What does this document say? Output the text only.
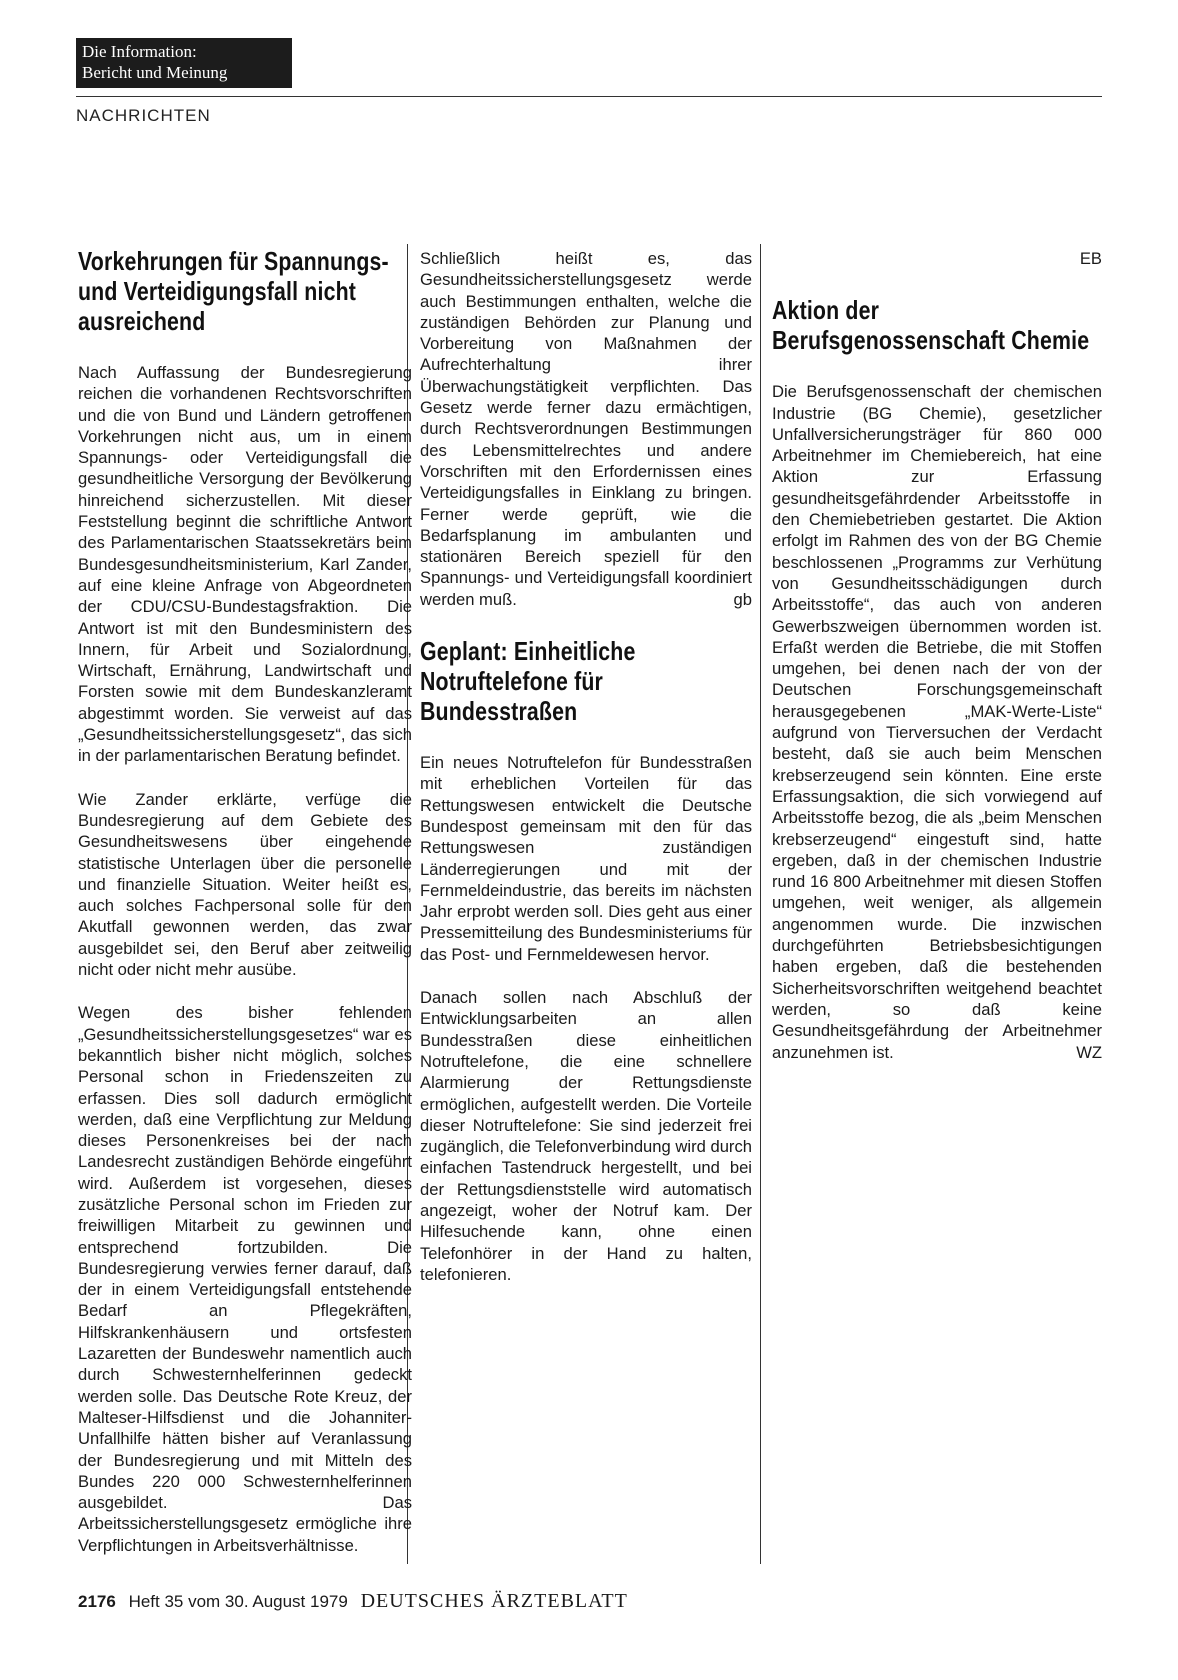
Die Information:
Bericht und Meinung
NACHRICHTEN
Vorkehrungen für Spannungs- und Verteidigungsfall nicht ausreichend

Nach Auffassung der Bundesregierung reichen die vorhandenen Rechtsvorschriften und die von Bund und Ländern getroffenen Vorkehrungen nicht aus, um in einem Spannungs- oder Verteidigungsfall die gesundheitliche Versorgung der Bevölkerung hinreichend sicherzustellen. Mit dieser Feststellung beginnt die schriftliche Antwort des Parlamentarischen Staatssekretärs beim Bundesgesundheitsministerium, Karl Zander, auf eine kleine Anfrage von Abgeordneten der CDU/CSU-Bundestagsfraktion. Die Antwort ist mit den Bundesministern des Innern, für Arbeit und Sozialordnung, Wirtschaft, Ernährung, Landwirtschaft und Forsten sowie mit dem Bundeskanzleramt abgestimmt worden. Sie verweist auf das „Gesundheitssicherstellungsgesetz“, das sich in der parlamentarischen Beratung befindet.

Wie Zander erklärte, verfüge die Bundesregierung auf dem Gebiete des Gesundheitswesens über eingehende statistische Unterlagen über die personelle und finanzielle Situation. Weiter heißt es, auch solches Fachpersonal solle für den Akutfall gewonnen werden, das zwar ausgebildet sei, den Beruf aber zeitweilig nicht oder nicht mehr ausübe.

Wegen des bisher fehlenden „Gesundheitssicherstellungsgesetzes“ war es bekanntlich bisher nicht möglich, solches Personal schon in Friedenszeiten zu erfassen. Dies soll dadurch ermöglicht werden, daß eine Verpflichtung zur Meldung dieses Personenkreises bei der nach Landesrecht zuständigen Behörde eingeführt wird. Außerdem ist vorgesehen, dieses zusätzliche Personal schon im Frieden zur freiwilligen Mitarbeit zu gewinnen und entsprechend fortzubilden. Die Bundesregierung verwies ferner darauf, daß der in einem Verteidigungsfall entstehende Bedarf an Pflegekräften, Hilfskrankenhäusern und ortsfesten Lazaretten der Bundeswehr namentlich auch durch Schwesternhelferinnen gedeckt werden solle. Das Deutsche Rote Kreuz, der Malteser-Hilfsdienst und die Johanniter-Unfallhilfe hätten bisher auf Veranlassung der Bundesregierung und mit Mitteln des Bundes 220 000 Schwesternhelferinnen ausgebildet. Das Arbeitssicherstellungsgesetz ermögliche ihre Verpflichtungen in Arbeitsverhältnisse.

Schließlich heißt es, das Gesundheitssicherstellungsgesetz werde auch Bestimmungen enthalten, welche die zuständigen Behörden zur Planung und Vorbereitung von Maßnahmen der Aufrechterhaltung ihrer Überwachungstätigkeit verpflichten. Das Gesetz werde ferner dazu ermächtigen, durch Rechtsverordnungen Bestimmungen des Lebensmittelrechtes und andere Vorschriften mit den Erfordernissen eines Verteidigungsfalles in Einklang zu bringen. Ferner werde geprüft, wie die Bedarfsplanung im ambulanten und stationären Bereich speziell für den Spannungs- und Verteidigungsfall koordiniert werden muß.	gb

Geplant: Einheitliche Notruftelefone für Bundesstraßen

Ein neues Notruftelefon für Bundesstraßen mit erheblichen Vorteilen für das Rettungswesen entwickelt die Deutsche Bundespost gemeinsam mit den für das Rettungswesen zuständigen Länderregierungen und mit der Fernmeldeindustrie, das bereits im nächsten Jahr erprobt werden soll. Dies geht aus einer Pressemitteilung des Bundesministeriums für das Post- und Fernmeldewesen hervor.

Danach sollen nach Abschluß der Entwicklungsarbeiten an allen Bundesstraßen diese einheitlichen Notruftelefone, die eine schnellere Alarmierung der Rettungsdienste ermöglichen, aufgestellt werden. Die Vorteile dieser Notruftelefone: Sie sind jederzeit frei zugänglich, die Telefonverbindung wird durch einfachen Tastendruck hergestellt, und bei der Rettungsdienststelle wird automatisch angezeigt, woher der Notruf kam. Der Hilfesuchende kann, ohne einen Telefonhörer in der Hand zu halten, telefonieren.

EB

Aktion der Berufsgenossenschaft Chemie

Die Berufsgenossenschaft der chemischen Industrie (BG Chemie), gesetzlicher Unfallversicherungsträger für 860 000 Arbeitnehmer im Chemiebereich, hat eine Aktion zur Erfassung gesundheitsgefährdender Arbeitsstoffe in den Chemiebetrieben gestartet. Die Aktion erfolgt im Rahmen des von der BG Chemie beschlossenen „Programms zur Verhütung von Gesundheitsschädigungen durch Arbeitsstoffe“, das auch von anderen Gewerbszweigen übernommen worden ist. Erfaßt werden die Betriebe, die mit Stoffen umgehen, bei denen nach der von der Deutschen Forschungsgemeinschaft herausgegebenen „MAK-Werte-Liste“ aufgrund von Tierversuchen der Verdacht besteht, daß sie auch beim Menschen krebserzeugend sein könnten. Eine erste Erfassungsaktion, die sich vorwiegend auf Arbeitsstoffe bezog, die als „beim Menschen krebserzeugend“ eingestuft sind, hatte ergeben, daß in der chemischen Industrie rund 16 800 Arbeitnehmer mit diesen Stoffen umgehen, weit weniger, als allgemein angenommen wurde. Die inzwischen durchgeführten Betriebsbesichtigungen haben ergeben, daß die bestehenden Sicherheitsvorschriften weitgehend beachtet werden, so daß keine Gesundheitsgefährdung der Arbeitnehmer anzunehmen ist.	WZ

2176 Heft 35 vom 30. August 1979 DEUTSCHES ÄRZTEBLATT
